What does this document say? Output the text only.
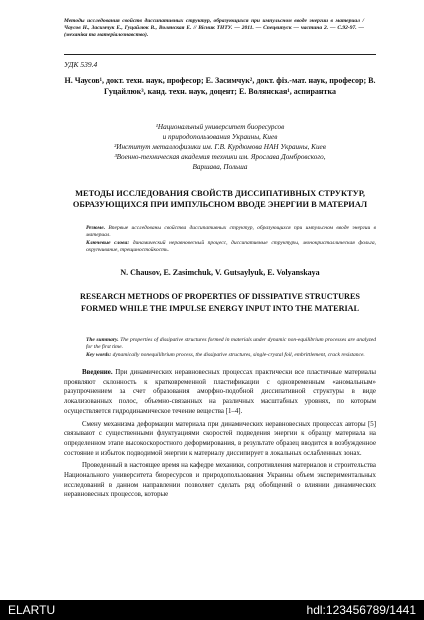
Методы исследования свойств диссипативных структур, образующихся при импульсном вводе энергии в материал / Чаусов Н., Засимчук Е., Гуцайлюк В., Волянская Е. // Вісник ТНТУ. — 2011. — Спецвипуск — частина 2. — С.92-97. — (механіка та матеріалознавство).
УДК 539.4
Н. Чаусов¹, докт. техн. наук, професор; Е. Засимчук², докт. фіз.-мат. наук, професор; В. Гуцайлюк³, канд. техн. наук, доцент; Е. Волянская¹, аспирантка
¹Национальный университет биоресурсов
и природопользования Украины, Киев
²Институт металлофизики им. Г.В. Курдюмова НАН Украины, Киев
³Военно-техническая академия техники им. Ярослава Домбровского,
Варшава, Польша
МЕТОДЫ ИССЛЕДОВАНИЯ СВОЙСТВ ДИССИПАТИВНЫХ СТРУКТУР, ОБРАЗУЮЩИХСЯ ПРИ ИМПУЛЬСНОМ ВВОДЕ ЭНЕРГИИ В МАТЕРИАЛ
Резюме. Впервые исследованы свойства диссипативных структур, образующихся при импульсном вводе энергии в материал.
Ключевые слова: динамический неравновесный процесс, диссипативные структуры, монокристаллическая фольга, охрупчивание, трещиностойкость.
N. Chausov, E. Zasimchuk, V. Gutsaylyuk, E. Volyanskaya
RESEARCH METHODS OF PROPERTIES OF DISSIPATIVE STRUCTURES FORMED WHILE THE IMPULSE ENERGY INPUT INTO THE MATERIAL
The summary. The properties of dissipative structures formed in materials under dynamic non-equilibrium processes are analyzed for the first time.
Key words: dynamically nonequilibrium process, the dissipative structures, single-crystal foil, embrittlement, crack resistance.

Введение. При динамических неравновесных процессах практически все пластичные материалы проявляют склонность к кратковременной пластификации с одновременным «аномальным» разупрочнением за счет образования аморфно-подобной диссипативной структуры в виде локализованных полос, объемно-связанных на различных масштабных уровнях, по которым осуществляется гидродинамическое течение вещества [1–4].

Смену механизма деформации материала при динамических неравновесных процессах авторы [5] связывают с существенными флуктуациями скоростей подведения энергии к образцу материала на определенном этапе высокоскоростного деформирования, в результате образец вводится в возбужденное состояние и избыток подводимой энергии к материалу диссипирует в локальных ослабленных зонах.

Проведенный в настоящее время на кафедре механики, сопротивления материалов и строительства Национального университета биоресурсов и природопользования Украины объем экспериментальных исследований в данном направлении позволяет сделать ряд обобщений о влиянии динамических неравновесных процессов, которые

ELARTU	hdl:123456789/1441
